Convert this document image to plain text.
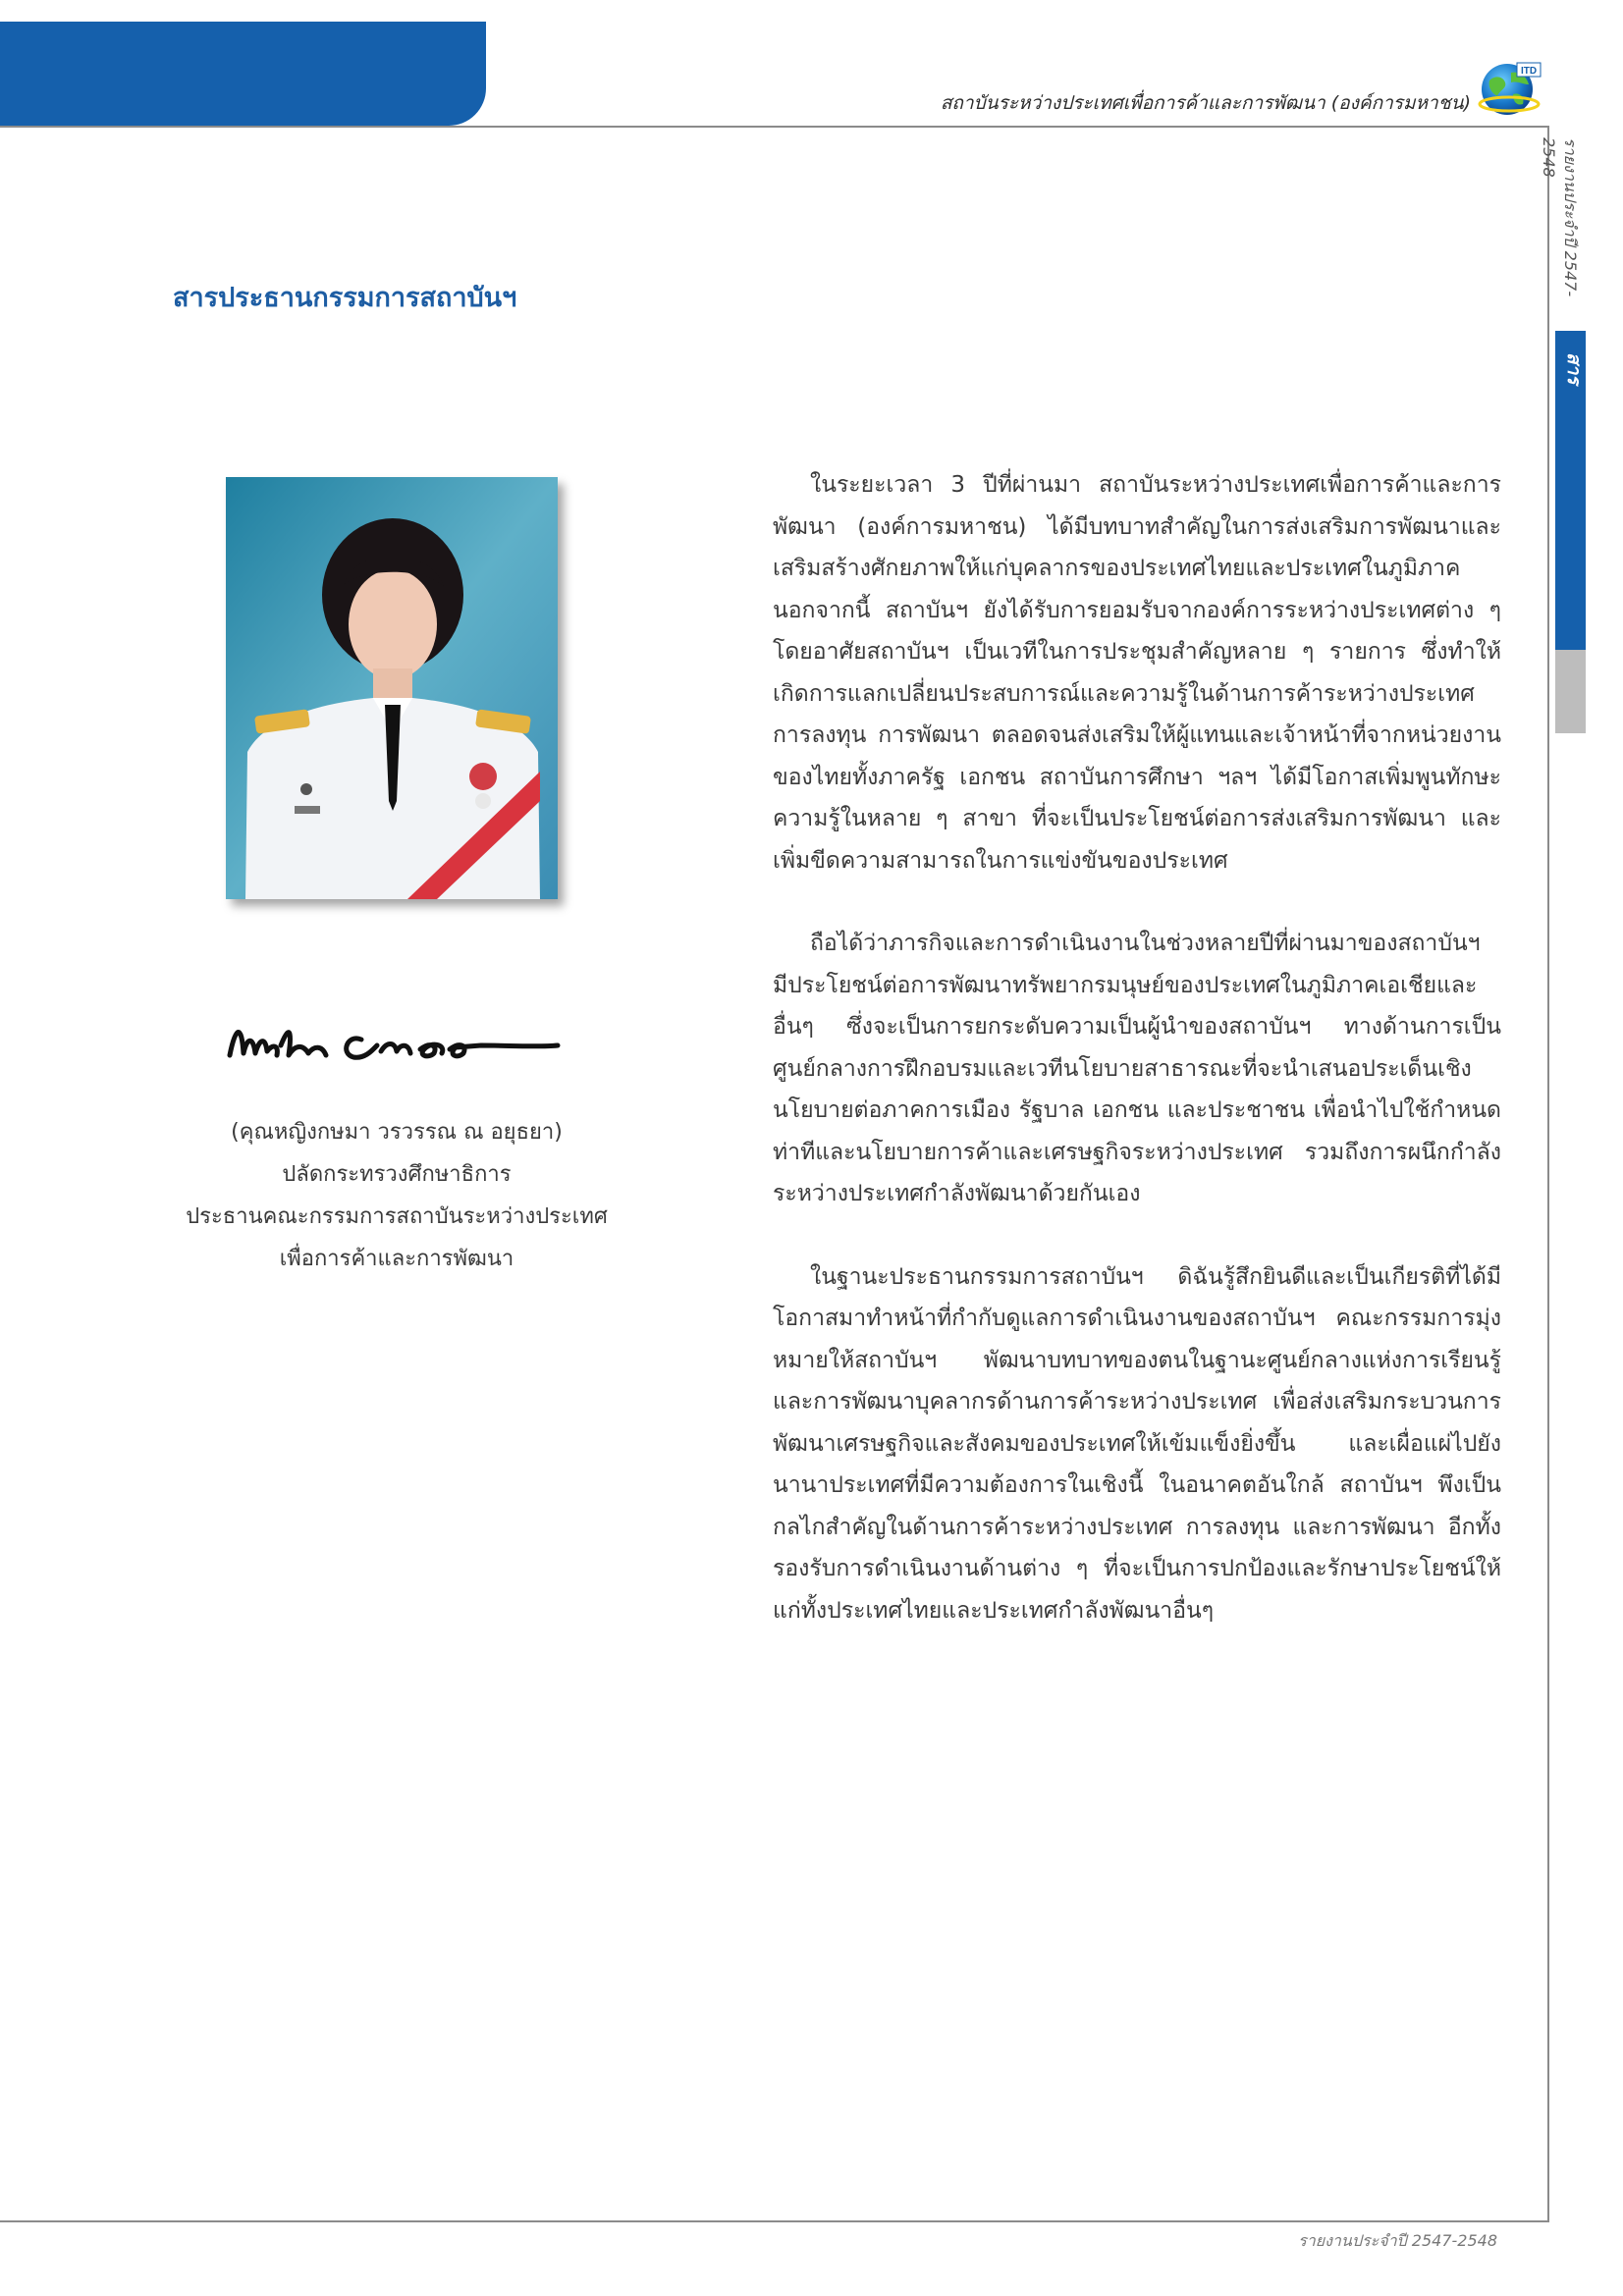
สถาบันระหว่างประเทศเพื่อการค้าและการพัฒนา (องค์การมหาชน)
ITD
รายงานประจำปี 2547-2548
สาร
สารประธานกรรมการสถาบันฯ
(คุณหญิงกษมา วรวรรณ ณ อยุธยา)
ปลัดกระทรวงศึกษาธิการ
ประธานคณะกรรมการสถาบันระหว่างประเทศ
เพื่อการค้าและการพัฒนา

ในระยะเวลา 3 ปีที่ผ่านมา สถาบันระหว่างประเทศเพื่อการค้าและการพัฒนา (องค์การมหาชน) ได้มีบทบาทสำคัญในการส่งเสริมการพัฒนาและเสริมสร้างศักยภาพให้แก่บุคลากรของประเทศไทยและประเทศในภูมิภาค นอกจากนี้ สถาบันฯ ยังได้รับการยอมรับจากองค์การระหว่างประเทศต่าง ๆ โดยอาศัยสถาบันฯ เป็นเวทีในการประชุมสำคัญหลาย ๆ รายการ ซึ่งทำให้เกิดการแลกเปลี่ยนประสบการณ์และความรู้ในด้านการค้าระหว่างประเทศ การลงทุน การพัฒนา ตลอดจนส่งเสริมให้ผู้แทนและเจ้าหน้าที่จากหน่วยงานของไทยทั้งภาครัฐ เอกชน สถาบันการศึกษา ฯลฯ ได้มีโอกาสเพิ่มพูนทักษะความรู้ในหลาย ๆ สาขา ที่จะเป็นประโยชน์ต่อการส่งเสริมการพัฒนา และเพิ่มขีดความสามารถในการแข่งขันของประเทศ

ถือได้ว่าภารกิจและการดำเนินงานในช่วงหลายปีที่ผ่านมาของสถาบันฯ มีประโยชน์ต่อการพัฒนาทรัพยากรมนุษย์ของประเทศในภูมิภาคเอเชียและอื่นๆ ซึ่งจะเป็นการยกระดับความเป็นผู้นำของสถาบันฯ ทางด้านการเป็นศูนย์กลางการฝึกอบรมและเวทีนโยบายสาธารณะที่จะนำเสนอประเด็นเชิงนโยบายต่อภาคการเมือง รัฐบาล เอกชน และประชาชน เพื่อนำไปใช้กำหนดท่าทีและนโยบายการค้าและเศรษฐกิจระหว่างประเทศ รวมถึงการผนึกกำลังระหว่างประเทศกำลังพัฒนาด้วยกันเอง

ในฐานะประธานกรรมการสถาบันฯ ดิฉันรู้สึกยินดีและเป็นเกียรติที่ได้มีโอกาสมาทำหน้าที่กำกับดูแลการดำเนินงานของสถาบันฯ คณะกรรมการมุ่งหมายให้สถาบันฯ พัฒนาบทบาทของตนในฐานะศูนย์กลางแห่งการเรียนรู้และการพัฒนาบุคลากรด้านการค้าระหว่างประเทศ เพื่อส่งเสริมกระบวนการพัฒนาเศรษฐกิจและสังคมของประเทศให้เข้มแข็งยิ่งขึ้น และเผื่อแผ่ไปยังนานาประเทศที่มีความต้องการในเชิงนี้ ในอนาคตอันใกล้ สถาบันฯ พึงเป็นกลไกสำคัญในด้านการค้าระหว่างประเทศ การลงทุน และการพัฒนา อีกทั้งรองรับการดำเนินงานด้านต่าง ๆ ที่จะเป็นการปกป้องและรักษาประโยชน์ให้แก่ทั้งประเทศไทยและประเทศกำลังพัฒนาอื่นๆ

รายงานประจำปี 2547-2548
